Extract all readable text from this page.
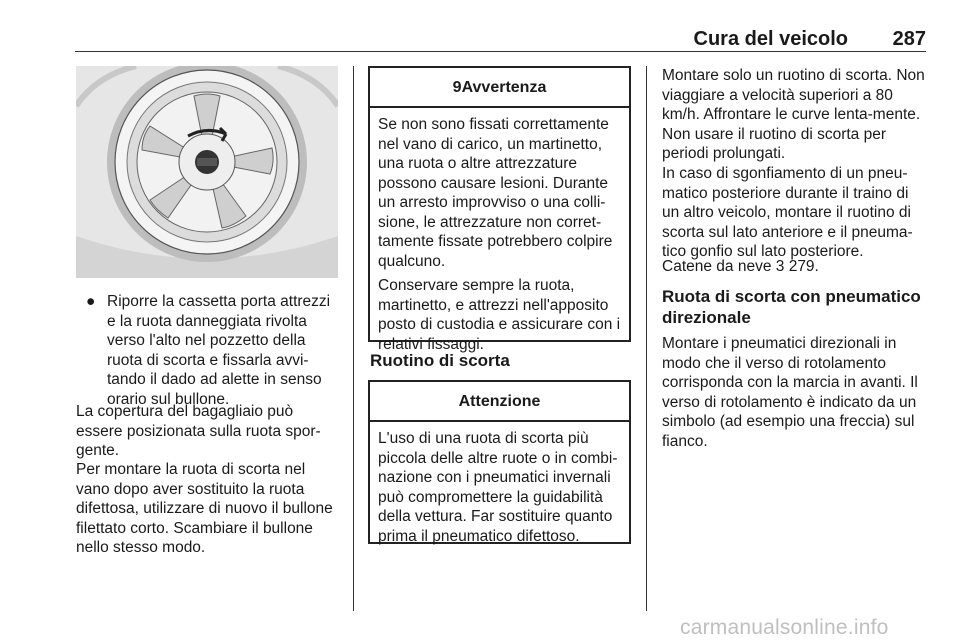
Cura del veicolo 287
● Riporre la cassetta porta attrezzi e la ruota danneggiata rivolta verso l'alto nel pozzetto della ruota di scorta e fissarla avvi-tando il dado ad alette in senso orario sul bullone.
La copertura del bagagliaio può essere posizionata sulla ruota spor-gente.
Per montare la ruota di scorta nel vano dopo aver sostituito la ruota difettosa, utilizzare di nuovo il bullone filettato corto. Scambiare il bullone nello stesso modo.
9Avvertenza

Se non sono fissati correttamente nel vano di carico, un martinetto, una ruota o altre attrezzature possono causare lesioni. Durante un arresto improvviso o una colli-sione, le attrezzature non corret-tamente fissate potrebbero colpire qualcuno.

Conservare sempre la ruota, martinetto, e attrezzi nell'apposito posto di custodia e assicurare con i relativi fissaggi.

Ruotino di scorta
Attenzione

L'uso di una ruota di scorta più piccola delle altre ruote o in combi-nazione con i pneumatici invernali può compromettere la guidabilità della vettura. Far sostituire quanto prima il pneumatico difettoso.

Montare solo un ruotino di scorta. Non viaggiare a velocità superiori a 80 km/h. Affrontare le curve lenta-mente. Non usare il ruotino di scorta per periodi prolungati.
In caso di sgonfiamento di un pneu-matico posteriore durante il traino di un altro veicolo, montare il ruotino di scorta sul lato anteriore e il pneuma-tico gonfio sul lato posteriore.
Catene da neve 3 279.
Ruota di scorta con pneumatico direzionale
Montare i pneumatici direzionali in modo che il verso di rotolamento corrisponda con la marcia in avanti. Il verso di rotolamento è indicato da un simbolo (ad esempio una freccia) sul fianco.
carmanualsonline.info
